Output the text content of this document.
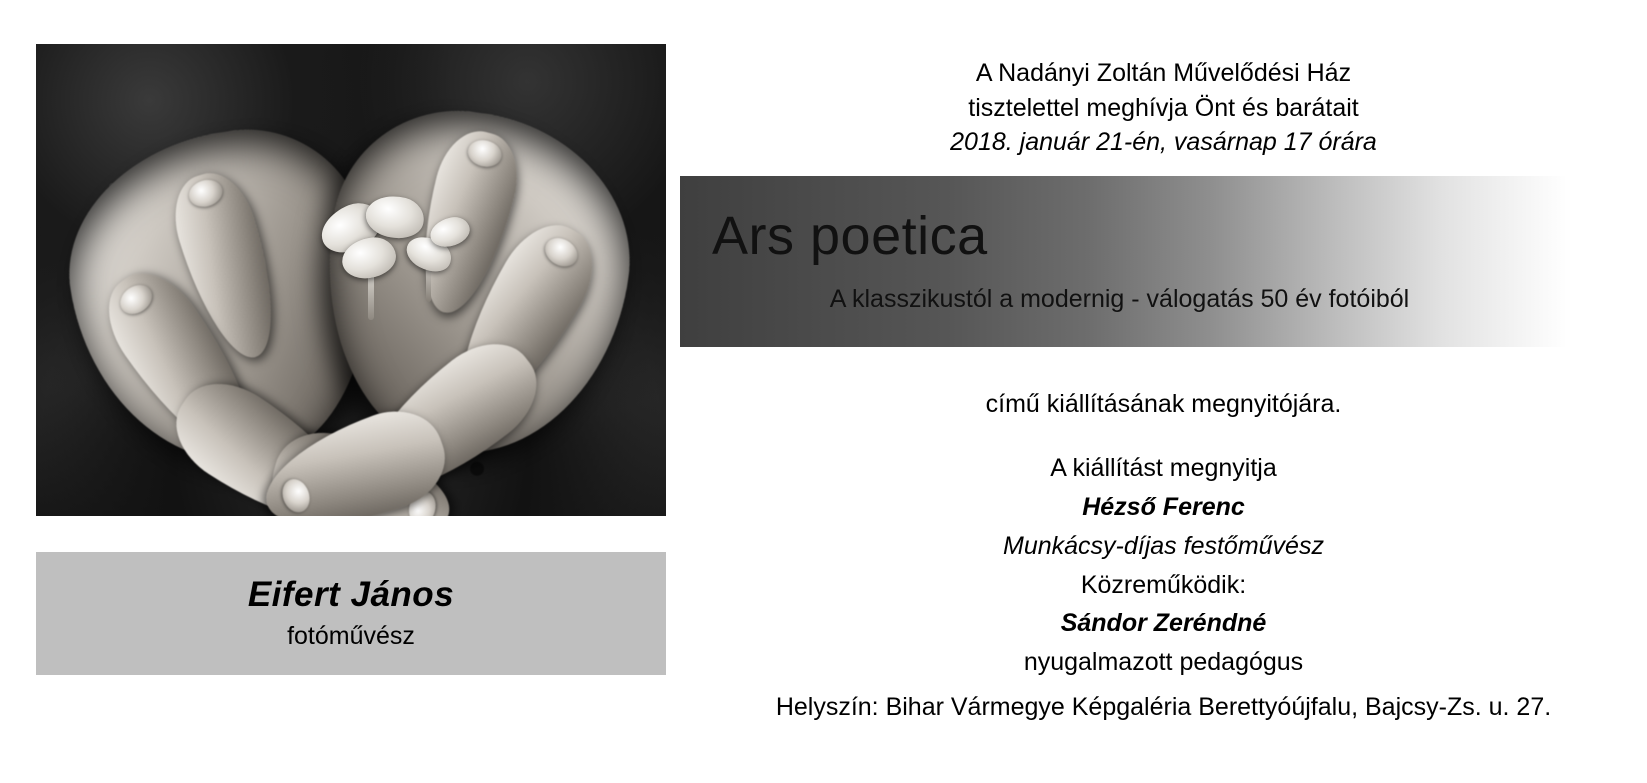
Eifert János
fotóművész
A Nadányi Zoltán Művelődési Ház
tisztelettel meghívja Önt és barátait
2018. január 21-én, vasárnap 17 órára
Ars poetica
A klasszikustól a modernig - válogatás 50 év fotóiból
című kiállításának megnyitójára.
A kiállítást megnyitja
Hézső Ferenc
Munkácsy-díjas festőművész
Közreműködik:
Sándor Zeréndné
nyugalmazott pedagógus
Helyszín: Bihar Vármegye Képgaléria Berettyóújfalu, Bajcsy-Zs. u. 27.
